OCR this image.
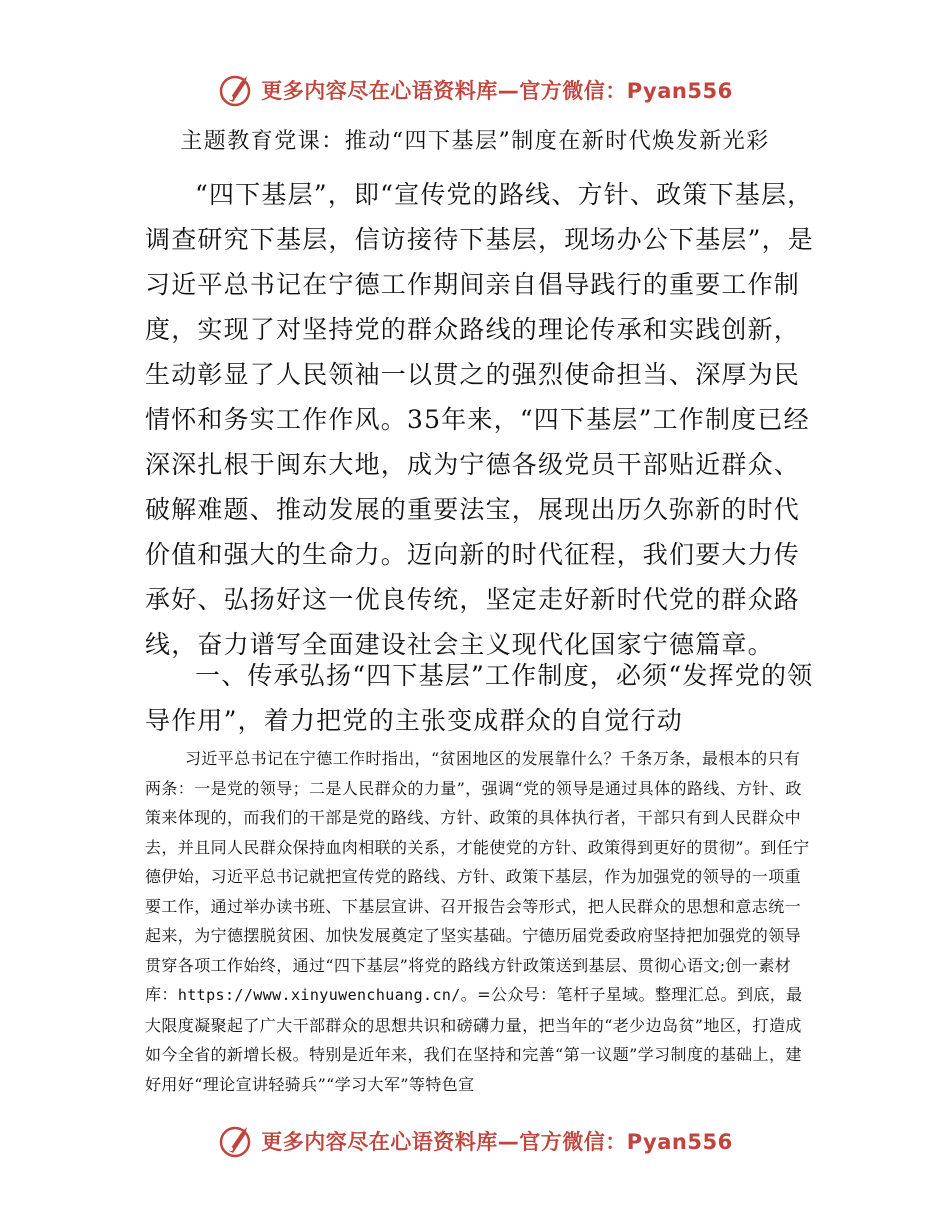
更多内容尽在心语资料库—官方微信：Pyan556
主题教育党课：推动“四下基层”制度在新时代焕发新光彩

“四下基层”，即“宣传党的路线、方针、政策下基层，调查研究下基层，信访接待下基层，现场办公下基层”，是习近平总书记在宁德工作期间亲自倡导践行的重要工作制度，实现了对坚持党的群众路线的理论传承和实践创新，生动彰显了人民领袖一以贯之的强烈使命担当、深厚为民情怀和务实工作作风。35年来，“四下基层”工作制度已经深深扎根于闽东大地，成为宁德各级党员干部贴近群众、破解难题、推动发展的重要法宝，展现出历久弥新的时代价值和强大的生命力。迈向新的时代征程，我们要大力传承好、弘扬好这一优良传统，坚定走好新时代党的群众路线，奋力谱写全面建设社会主义现代化国家宁德篇章。

一、传承弘扬“四下基层”工作制度，必须“发挥党的领导作用”，着力把党的主张变成群众的自觉行动

习近平总书记在宁德工作时指出，“贫困地区的发展靠什么？千条万条，最根本的只有两条：一是党的领导；二是人民群众的力量”，强调“党的领导是通过具体的路线、方针、政策来体现的，而我们的干部是党的路线、方针、政策的具体执行者，干部只有到人民群众中去，并且同人民群众保持血肉相联的关系，才能使党的方针、政策得到更好的贯彻”。到任宁德伊始，习近平总书记就把宣传党的路线、方针、政策下基层，作为加强党的领导的一项重要工作，通过举办读书班、下基层宣讲、召开报告会等形式，把人民群众的思想和意志统一起来，为宁德摆脱贫困、加快发展奠定了坚实基础。宁德历届党委政府坚持把加强党的领导贯穿各项工作始终，通过“四下基层”将党的路线方针政策送到基层、贯彻心语文;创一素材库：https://www.xinyuwenchuang.cn/。=公众号：笔杆子星域。整理汇总。到底，最大限度凝聚起了广大干部群众的思想共识和磅礴力量，把当年的“老少边岛贫”地区，打造成如今全省的新增长极。特别是近年来，我们在坚持和完善“第一议题”学习制度的基础上，建好用好“理论宣讲轻骑兵”“学习大军”等特色宣

更多内容尽在心语资料库—官方微信：Pyan556
